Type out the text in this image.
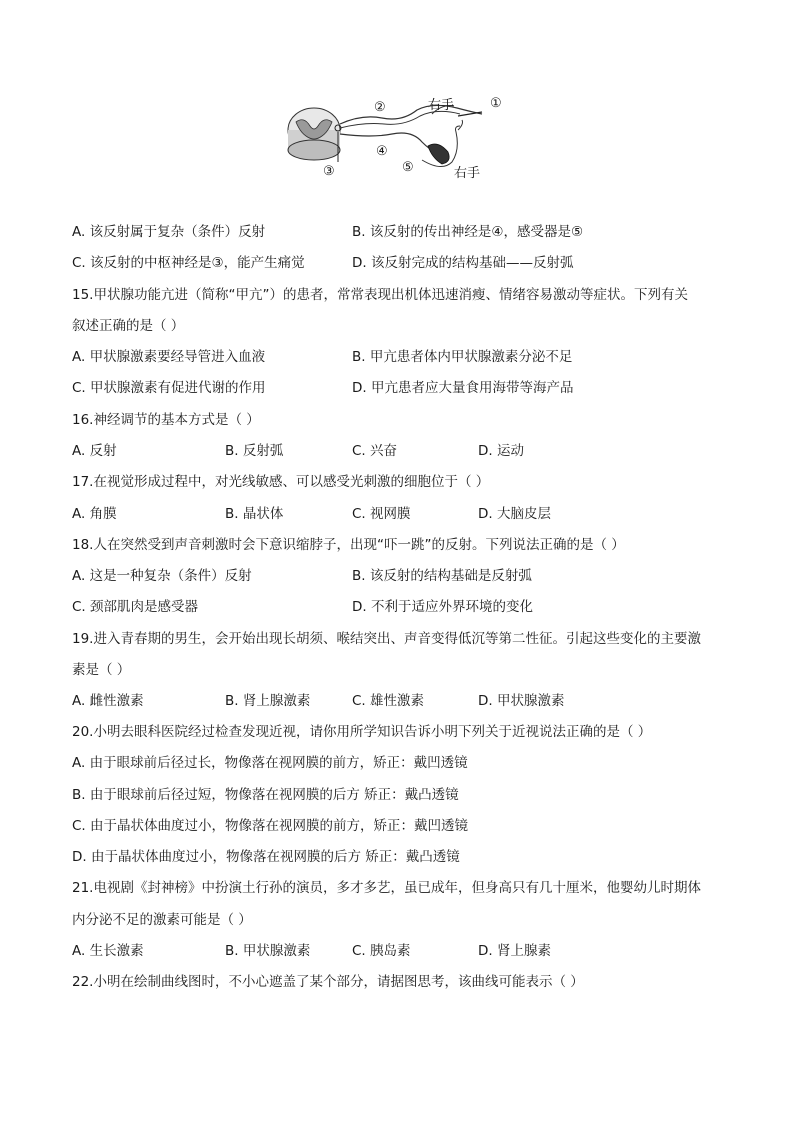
①
②
③
④
⑤
右手
右手
A. 该反射属于复杂（条件）反射	B. 该反射的传出神经是④，感受器是⑤
C. 该反射的中枢神经是③，能产生痛觉	D. 该反射完成的结构基础——反射弧
15.甲状腺功能亢进（简称“甲亢”）的患者，常常表现出机体迅速消瘦、情绪容易激动等症状。下列有关
叙述正确的是（ ）
A. 甲状腺激素要经导管进入血液	B. 甲亢患者体内甲状腺激素分泌不足
C. 甲状腺激素有促进代谢的作用	D. 甲亢患者应大量食用海带等海产品
16.神经调节的基本方式是（ ）
A. 反射	B. 反射弧	C. 兴奋	D. 运动
17.在视觉形成过程中，对光线敏感、可以感受光刺激的细胞位于（ ）
A. 角膜	B. 晶状体	C. 视网膜	D. 大脑皮层
18.人在突然受到声音刺激时会下意识缩脖子，出现“吓一跳”的反射。下列说法正确的是（ ）
A. 这是一种复杂（条件）反射	B. 该反射的结构基础是反射弧
C. 颈部肌肉是感受器	D. 不利于适应外界环境的变化
19.进入青春期的男生，会开始出现长胡须、喉结突出、声音变得低沉等第二性征。引起这些变化的主要激
素是（ ）
A. 雌性激素	B. 肾上腺激素	C. 雄性激素	D. 甲状腺激素
20.小明去眼科医院经过检查发现近视，请你用所学知识告诉小明下列关于近视说法正确的是（ ）
A. 由于眼球前后径过长，物像落在视网膜的前方，矫正：戴凹透镜
B. 由于眼球前后径过短，物像落在视网膜的后方 矫正：戴凸透镜
C. 由于晶状体曲度过小，物像落在视网膜的前方，矫正：戴凹透镜
D. 由于晶状体曲度过小，物像落在视网膜的后方 矫正：戴凸透镜
21.电视剧《封神榜》中扮演土行孙的演员，多才多艺，虽已成年，但身高只有几十厘米，他婴幼儿时期体
内分泌不足的激素可能是（ ）
A. 生长激素	B. 甲状腺激素	C. 胰岛素	D. 肾上腺素
22.小明在绘制曲线图时，不小心遮盖了某个部分，请据图思考，该曲线可能表示（ ）
